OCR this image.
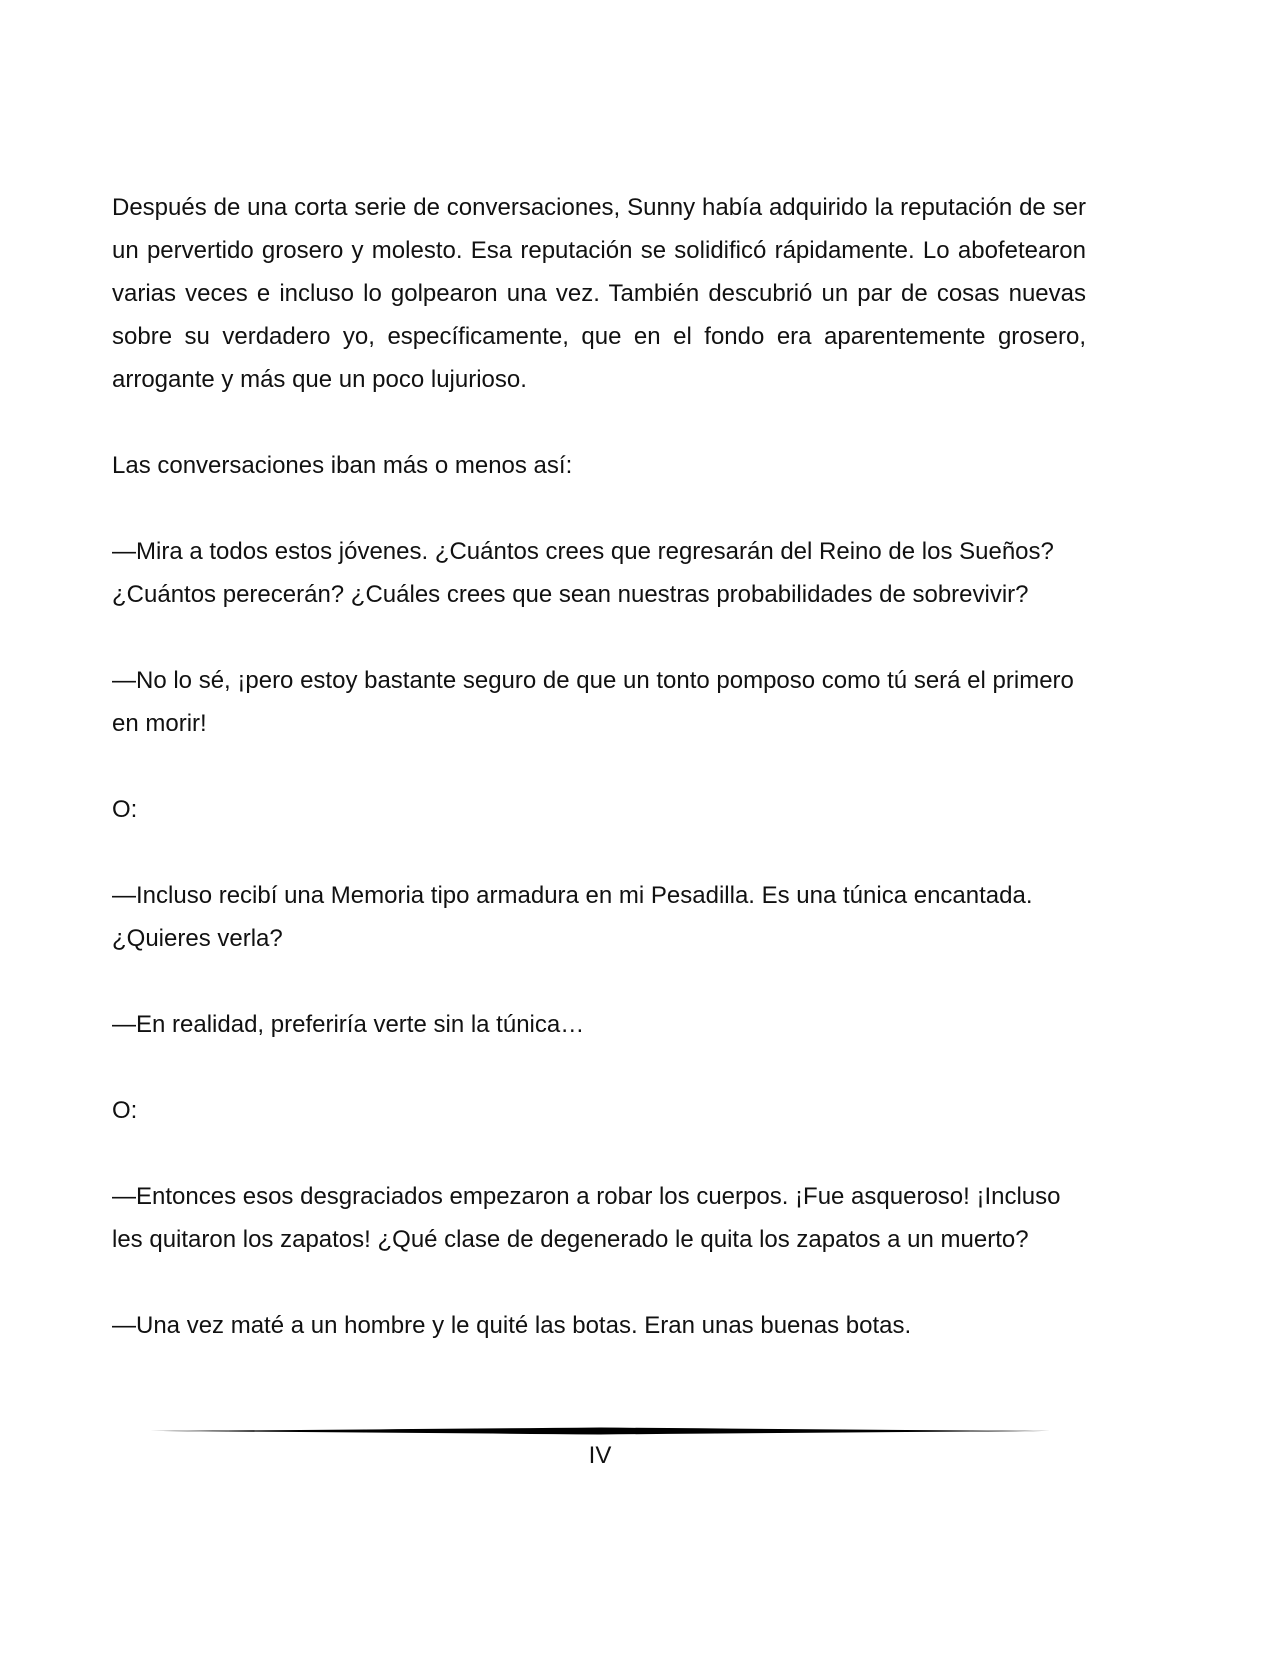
Después de una corta serie de conversaciones, Sunny había adquirido la reputación de ser un pervertido grosero y molesto. Esa reputación se solidificó rápidamente. Lo abofetearon varias veces e incluso lo golpearon una vez. También descubrió un par de cosas nuevas sobre su verdadero yo, específicamente, que en el fondo era aparentemente grosero, arrogante y más que un poco lujurioso.

Las conversaciones iban más o menos así:

—Mira a todos estos jóvenes. ¿Cuántos crees que regresarán del Reino de los Sueños? ¿Cuántos perecerán? ¿Cuáles crees que sean nuestras probabilidades de sobrevivir?

—No lo sé, ¡pero estoy bastante seguro de que un tonto pomposo como tú será el primero en morir!

O:

—Incluso recibí una Memoria tipo armadura en mi Pesadilla. Es una túnica encantada. ¿Quieres verla?

—En realidad, preferiría verte sin la túnica…

O:

—Entonces esos desgraciados empezaron a robar los cuerpos. ¡Fue asqueroso! ¡Incluso les quitaron los zapatos! ¿Qué clase de degenerado le quita los zapatos a un muerto?

—Una vez maté a un hombre y le quité las botas. Eran unas buenas botas.

IV
